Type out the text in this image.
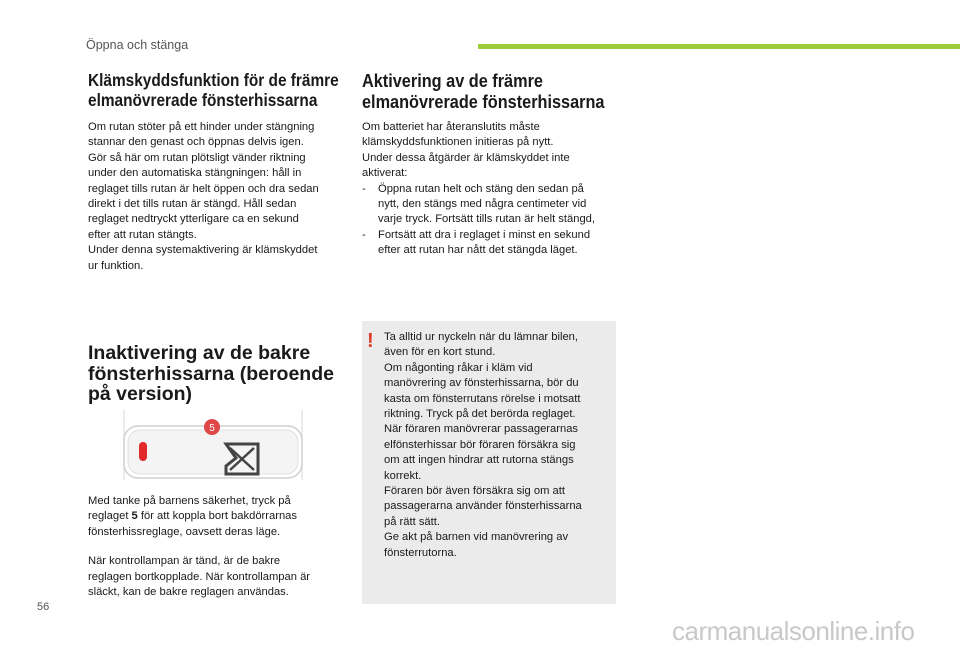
Öppna och stänga
Klämskyddsfunktion för de främre
elmanövrerade fönsterhissarna
Om rutan stöter på ett hinder under stängning
stannar den genast och öppnas delvis igen.
Gör så här om rutan plötsligt vänder riktning
under den automatiska stängningen: håll in
reglaget tills rutan är helt öppen och dra sedan
direkt i det tills rutan är stängd. Håll sedan
reglaget nedtryckt ytterligare ca en sekund
efter att rutan stängts.
Under denna systemaktivering är klämskyddet
ur funktion.
Aktivering av de främre
elmanövrerade fönsterhissarna
Om batteriet har återanslutits måste
klämskyddsfunktionen initieras på nytt.
Under dessa åtgärder är klämskyddet inte
aktiverat:
- Öppna rutan helt och stäng den sedan på
nytt, den stängs med några centimeter vid
varje tryck. Fortsätt tills rutan är helt stängd,
- Fortsätt att dra i reglaget i minst en sekund
efter att rutan har nått det stängda läget.
Inaktivering av de bakre
fönsterhissarna (beroende
på version)
5
Med tanke på barnens säkerhet, tryck på
reglaget 5 för att koppla bort bakdörrarnas
fönsterhissreglage, oavsett deras läge.
När kontrollampan är tänd, är de bakre
reglagen bortkopplade. När kontrollampan är
släckt, kan de bakre reglagen användas.
! Ta alltid ur nyckeln när du lämnar bilen,
även för en kort stund.
Om någonting råkar i kläm vid
manövrering av fönsterhissarna, bör du
kasta om fönsterrutans rörelse i motsatt
riktning. Tryck på det berörda reglaget.
När föraren manövrerar passagerarnas
elfönsterhissar bör föraren försäkra sig
om att ingen hindrar att rutorna stängs
korrekt.
Föraren bör även försäkra sig om att
passagerarna använder fönsterhissarna
på rätt sätt.
Ge akt på barnen vid manövrering av
fönsterrutorna.
56
carmanualsonline.info
